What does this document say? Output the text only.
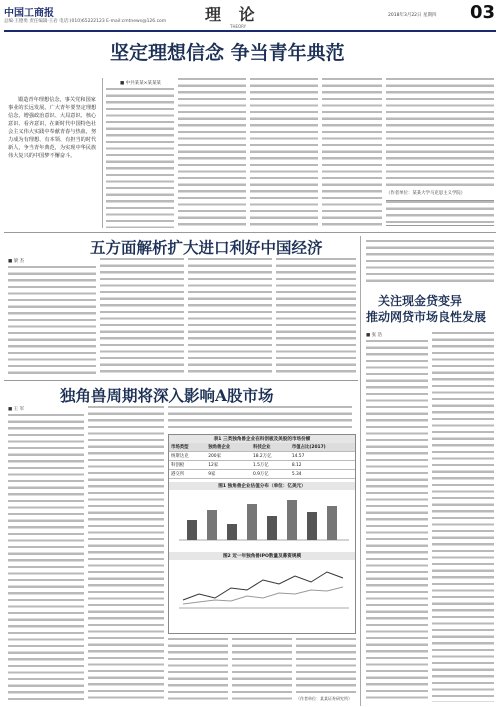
中国工商报
总编·王德勇 责任编辑·王岩 电话:(010)65222123 E-mail:cmtnews@126.com	理 论
THEORY
2018年3月22日 星期四 03
坚定理想信念 争当青年典范
锻造青年理想信念，事关党和国家事业的长远发展。广大青年要坚定理想信念，增强政治意识、大局意识、核心意识、看齐意识，在新时代中国特色社会主义伟大实践中奉献青春与热血，努力成为有理想、有本领、有担当的时代新人，争当青年典范，为实现中华民族伟大复兴的中国梦不懈奋斗。
■ 中共某某×某某某
（作者单位：某某大学马克思主义学院）
五方面解析扩大进口利好中国经济
■ 梁 杰
关注现金贷变异
推动网贷市场良性发展
■ 张 浩
独角兽周期将深入影响A股市场
■ 王 军
表1 三类独角兽企业在科创板及美股的市场份额
市场类型	独角兽企业	科技企业	市值占比(2017)
纳斯达克	200家	18.2万亿	14.57
科创板	12家	1.5万亿	8.12
港交所	9家	0.9万亿	5.34
图1 独角兽企业估值分布（单位：亿美元）
图2 近一年独角兽IPO数量及募资规模
（作者单位：某某证券研究所）
